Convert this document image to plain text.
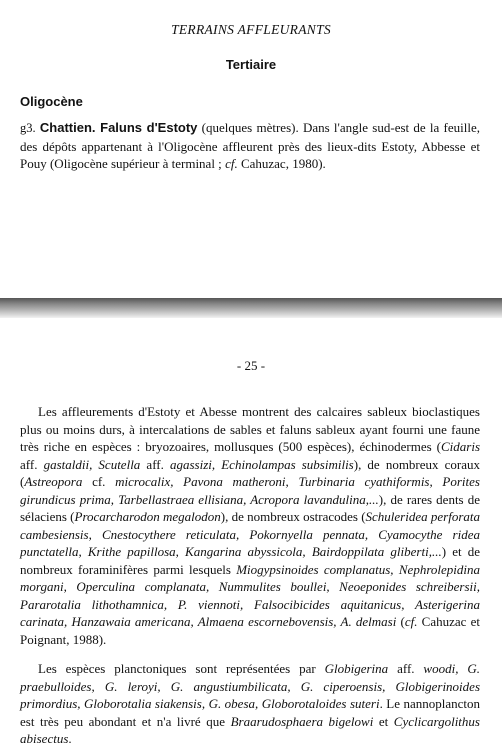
TERRAINS AFFLEURANTS
Tertiaire
Oligocène
g3. Chattien. Faluns d'Estoty (quelques mètres). Dans l'angle sud-est de la feuille, des dépôts appartenant à l'Oligocène affleurent près des lieux-dits Estoty, Abbesse et Pouy (Oligocène supérieur à terminal ; cf. Cahuzac, 1980).
- 25 -

Les affleurements d'Estoty et Abesse montrent des calcaires sableux bioclastiques plus ou moins durs, à intercalations de sables et faluns sableux ayant fourni une faune très riche en espèces : bryozoaires, mollusques (500 espèces), échinodermes (Cidaris aff. gastaldii, Scutella aff. agassizi, Echinolampas subsimilis), de nombreux coraux (Astreopora cf. microcalix, Pavona matheroni, Turbinaria cyathiformis, Porites girundicus prima, Tarbellastraea ellisiana, Acropora lavandulina,...), de rares dents de sélaciens (Procarcharodon megalodon), de nombreux ostracodes (Schuleridea perforata cambesiensis, Cnestocythere reticulata, Pokornyella pennata, Cyamocythe ridea punctatella, Krithe papillosa, Kangarina abyssicola, Bairdoppilata gliberti,...) et de nombreux foraminifères parmi lesquels Miogypsinoides complanatus, Nephrolepidina morgani, Operculina complanata, Nummulites boullei, Neoeponides schreibersii, Pararotalia lithothamnica, P. viennoti, Falsocibicides aquitanicus, Asterigerina carinata, Hanzawaia americana, Almaena escornebovensis, A. delmasi (cf. Cahuzac et Poignant, 1988).

Les espèces planctoniques sont représentées par Globigerina aff. woodi, G. praebulloides, G. leroyi, G. angustiumbilicata, G. ciperoensis, Globigerinoides primordius, Globorotalia siakensis, G. obesa, Globorotaloides suteri. Le nannoplancton est très peu abondant et n'a livré que Braarudosphaera bigelowi et Cyclicargolithus abisectus.
